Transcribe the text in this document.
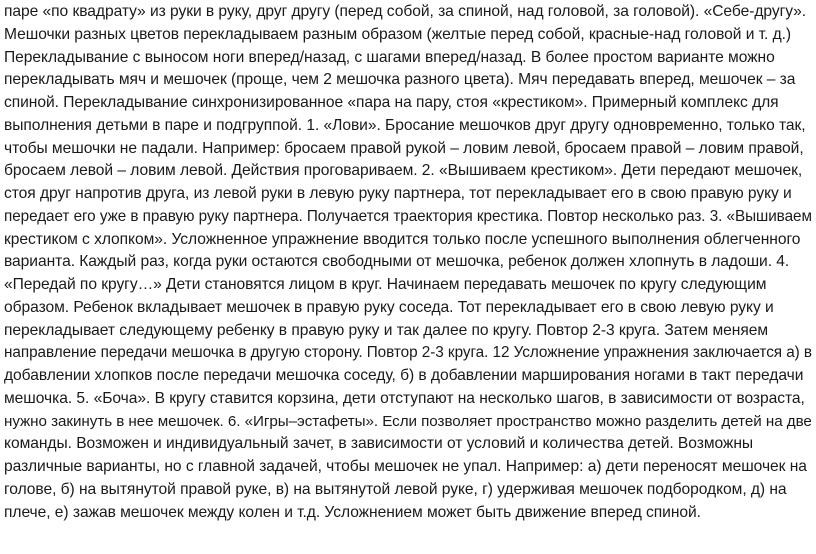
паре «по квадрату» из руки в руку, друг другу (перед собой, за спиной, над головой, за головой). «Себе-другу».
Мешочки разных цветов перекладываем разным образом (желтые перед собой, красные-над головой и т. д.)
Перекладывание с выносом ноги вперед/назад, с шагами вперед/назад. В более простом варианте можно
перекладывать мяч и мешочек (проще, чем 2 мешочка разного цвета). Мяч передавать вперед, мешочек – за
спиной. Перекладывание синхронизированное «пара на пару, стоя «крестиком». Примерный комплекс для
выполнения детьми в паре и подгруппой. 1. «Лови». Бросание мешочков друг другу одновременно, только так,
чтобы мешочки не падали. Например: бросаем правой рукой – ловим левой, бросаем правой – ловим правой,
бросаем левой – ловим левой. Действия проговариваем. 2. «Вышиваем крестиком». Дети передают мешочек,
стоя друг напротив друга, из левой руки в левую руку партнера, тот перекладывает его в свою правую руку и
передает его уже в правую руку партнера. Получается траектория крестика. Повтор несколько раз. 3. «Вышиваем
крестиком с хлопком». Усложненное упражнение вводится только после успешного выполнения облегченного
варианта. Каждый раз, когда руки остаются свободными от мешочка, ребенок должен хлопнуть в ладоши. 4.
«Передай по кругу…» Дети становятся лицом в круг. Начинаем передавать мешочек по кругу следующим
образом. Ребенок вкладывает мешочек в правую руку соседа. Тот перекладывает его в свою левую руку и
перекладывает следующему ребенку в правую руку и так далее по кругу. Повтор 2-3 круга. Затем меняем
направление передачи мешочка в другую сторону. Повтор 2-3 круга. 12 Усложнение упражнения заключается а) в
добавлении хлопков после передачи мешочка соседу, б) в добавлении марширования ногами в такт передачи
мешочка. 5. «Боча». В кругу ставится корзина, дети отступают на несколько шагов, в зависимости от возраста,
нужно закинуть в нее мешочек. 6. «Игры–эстафеты». Если позволяет пространство можно разделить детей на две
команды. Возможен и индивидуальный зачет, в зависимости от условий и количества детей. Возможны
различные варианты, но с главной задачей, чтобы мешочек не упал. Например: а) дети переносят мешочек на
голове, б) на вытянутой правой руке, в) на вытянутой левой руке, г) удерживая мешочек подбородком, д) на
плече, е) зажав мешочек между колен и т.д. Усложнением может быть движение вперед спиной.
